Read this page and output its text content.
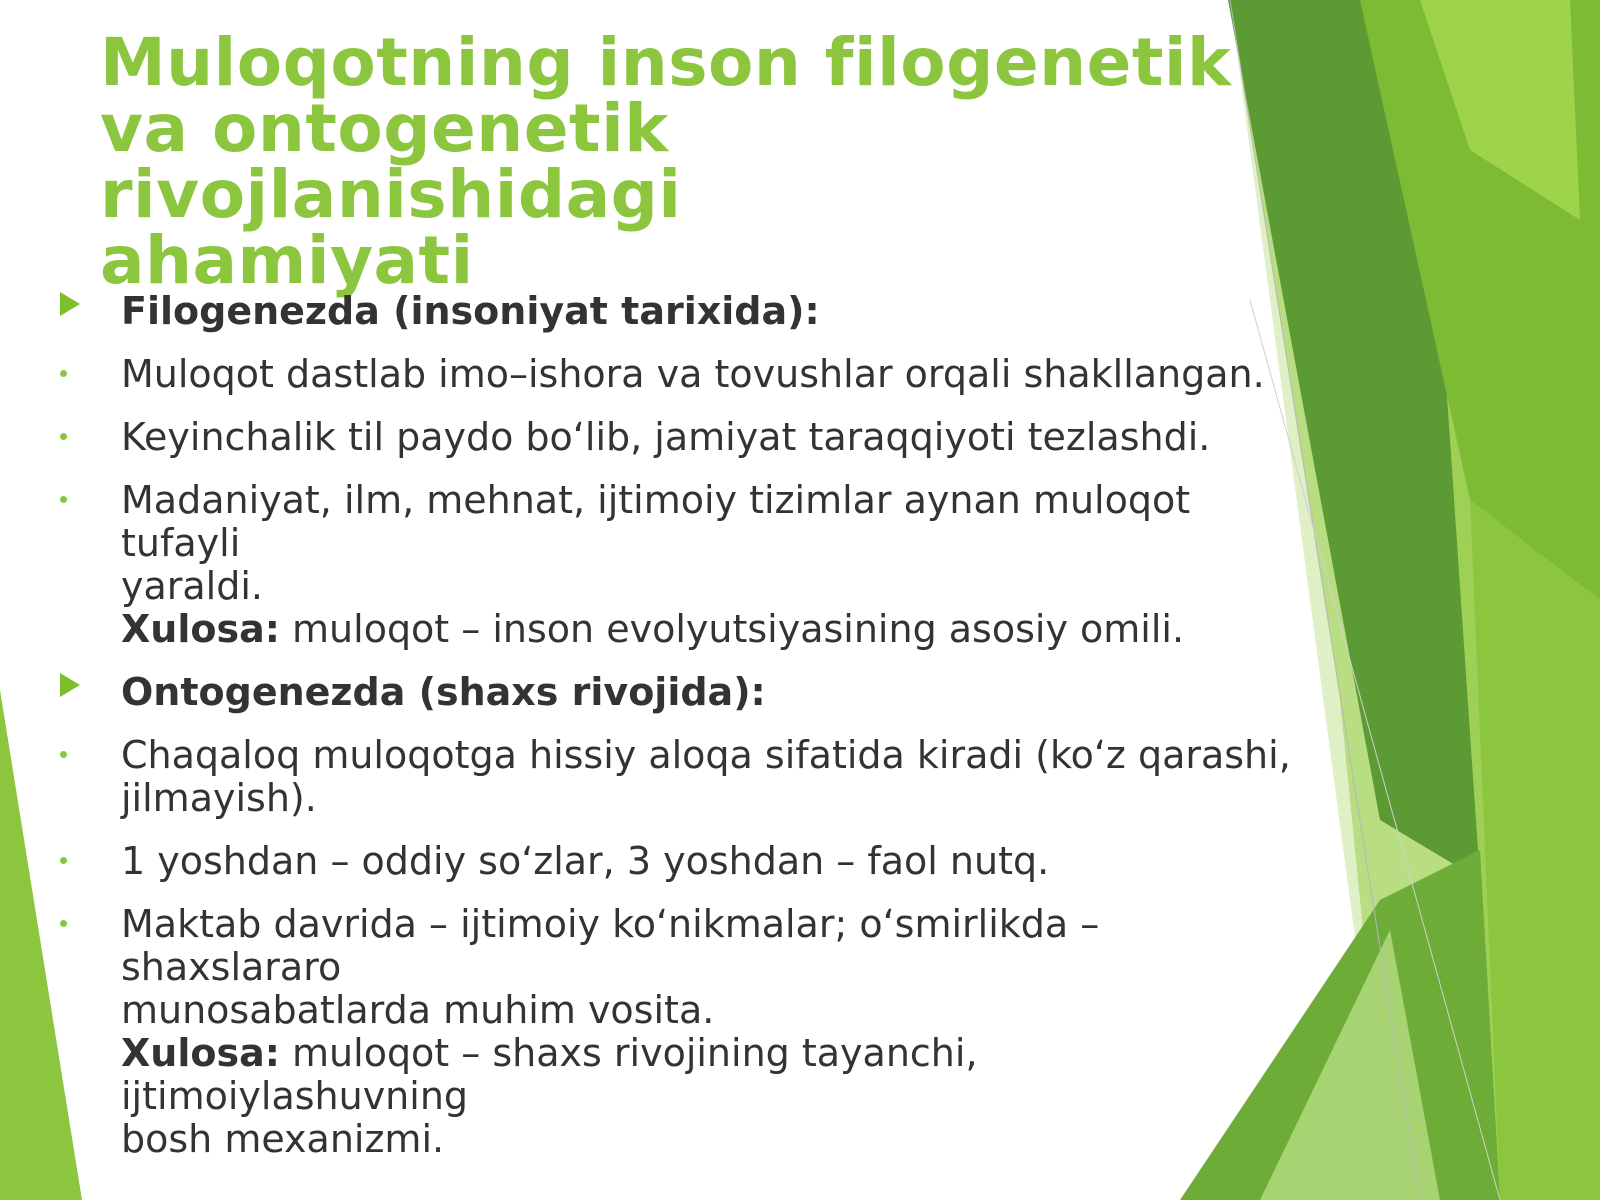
Muloqotning inson filogenetik
va ontogenetik rivojlanishidagi
ahamiyati
Filogenezda (insoniyat tarixida):
Muloqot dastlab imo–ishora va tovushlar orqali shakllangan.
Keyinchalik til paydo bo‘lib, jamiyat taraqqiyoti tezlashdi.
Madaniyat, ilm, mehnat, ijtimoiy tizimlar aynan muloqot tufayli
yaraldi.
Xulosa: muloqot – inson evolyutsiyasining asosiy omili.
Ontogenezda (shaxs rivojida):
Chaqaloq muloqotga hissiy aloqa sifatida kiradi (ko‘z qarashi,
jilmayish).
1 yoshdan – oddiy so‘zlar, 3 yoshdan – faol nutq.
Maktab davrida – ijtimoiy ko‘nikmalar; o‘smirlikda – shaxslararo
munosabatlarda muhim vosita.
Xulosa: muloqot – shaxs rivojining tayanchi, ijtimoiylashuvning
bosh mexanizmi.
